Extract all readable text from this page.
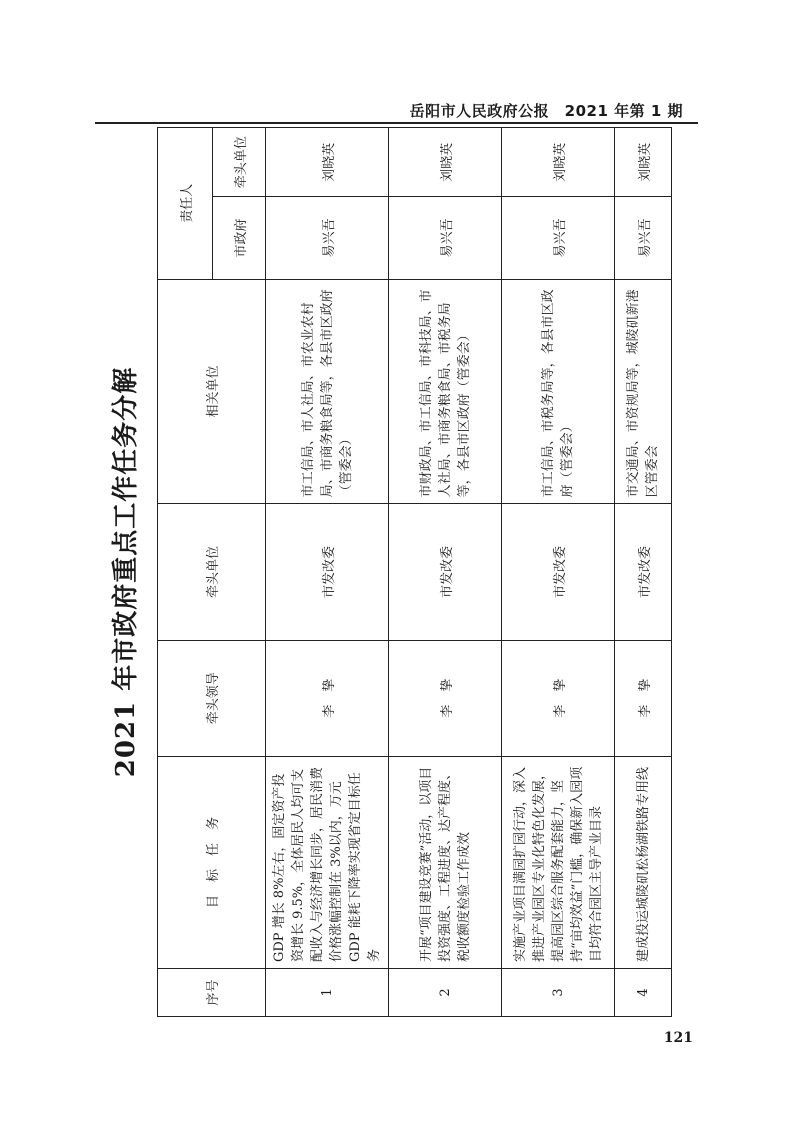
岳阳市人民政府公报　2021 年第 1 期
2021 年市政府重点工作任务分解
序号	目　标　任　务	牵头领导	牵头单位	相关单位	责任人	
					市政府	牵头单位
1	GDP 增长 8%左右，固定资产投资增长 9.5%，全体居民人均可支配收入与经济增长同步，居民消费价格涨幅控制在 3%以内，万元 GDP 能耗下降率实现省定目标任务	李　挚	市发改委	市工信局、市人社局、市农业农村局、市商务粮食局等，各县市区政府（管委会）	易兴吾	刘晓英
2	开展“项目建设竞赛”活动，以项目投资强度、工程进度、达产程度、税收额度检验工作成效	李　挚	市发改委	市财政局、市工信局、市科技局、市人社局、市商务粮食局、市税务局等，各县市区政府（管委会）	易兴吾	刘晓英
3	实施产业项目满园扩园行动，深入推进产业园区专业化特色化发展，提高园区综合服务配套能力，坚持“亩均效益”门槛，确保新入园项目均符合园区主导产业目录	李　挚	市发改委	市工信局、市税务局等，各县市区政府（管委会）	易兴吾	刘晓英
4	建成投运城陵矶松杨湖铁路专用线	李　挚	市发改委	市交通局、市资规局等，城陵矶新港区管委会	易兴吾	刘晓英
121
